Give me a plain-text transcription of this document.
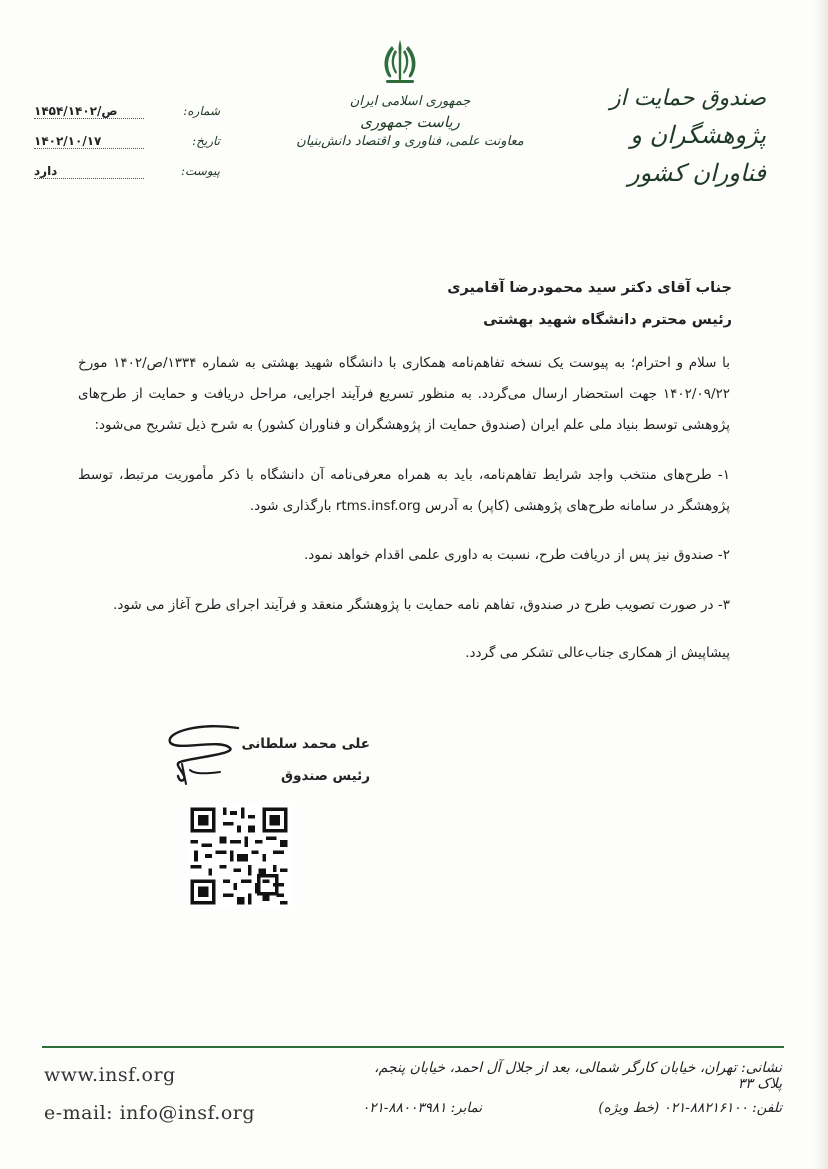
جمهوری اسلامی ایران
ریاست جمهوری
معاونت علمی، فناوری و اقتصاد دانش‌بنیان
صندوق حمایت از
پژوهشگران و فناوران کشور
شماره:
۱۴۵۴/ص/۱۴۰۲
تاریخ:
۱۴۰۲/۱۰/۱۷
پیوست:
دارد
جناب آقای دکتر سید محمودرضا آقامیری
رئیس محترم دانشگاه شهید بهشتی
با سلام و احترام؛ به پیوست یک نسخه تفاهم‌نامه همکاری با دانشگاه شهید بهشتی به شماره ۱۳۳۴/ص/۱۴۰۲ مورخ ۱۴۰۲/۰۹/۲۲ جهت استحضار ارسال می‌گردد. به منظور تسریع فرآیند اجرایی، مراحل دریافت و حمایت از طرح‌های پژوهشی توسط بنیاد ملی علم ایران (صندوق حمایت از پژوهشگران و فناوران کشور) به شرح ذیل تشریح می‌شود:
۱- طرح‌های منتخب واجد شرایط تفاهم‌نامه، باید به همراه معرفی‌نامه آن دانشگاه با ذکر مأموریت مرتبط، توسط پژوهشگر در سامانه طرح‌های پژوهشی (کاپر) به آدرس rtms.insf.org بارگذاری شود.
۲- صندوق نیز پس از دریافت طرح، نسبت به داوری علمی اقدام خواهد نمود.
۳- در صورت تصویب طرح در صندوق، تفاهم نامه حمایت با پژوهشگر منعقد و فرآیند اجرای طرح آغاز می شود.
پیشاپیش از همکاری جناب‌عالی تشکر می گردد.
علی محمد سلطانی
رئیس صندوق
www.insf.org
e-mail: info@insf.org
نشانی: تهران، خیابان کارگر شمالی، بعد از جلال آل احمد، خیابان پنجم، پلاک ۳۳
تلفن: ۸۸۲۱۶۱۰۰-۰۲۱ (خط ویژه)
نمابر: ۸۸۰۰۳۹۸۱-۰۲۱
